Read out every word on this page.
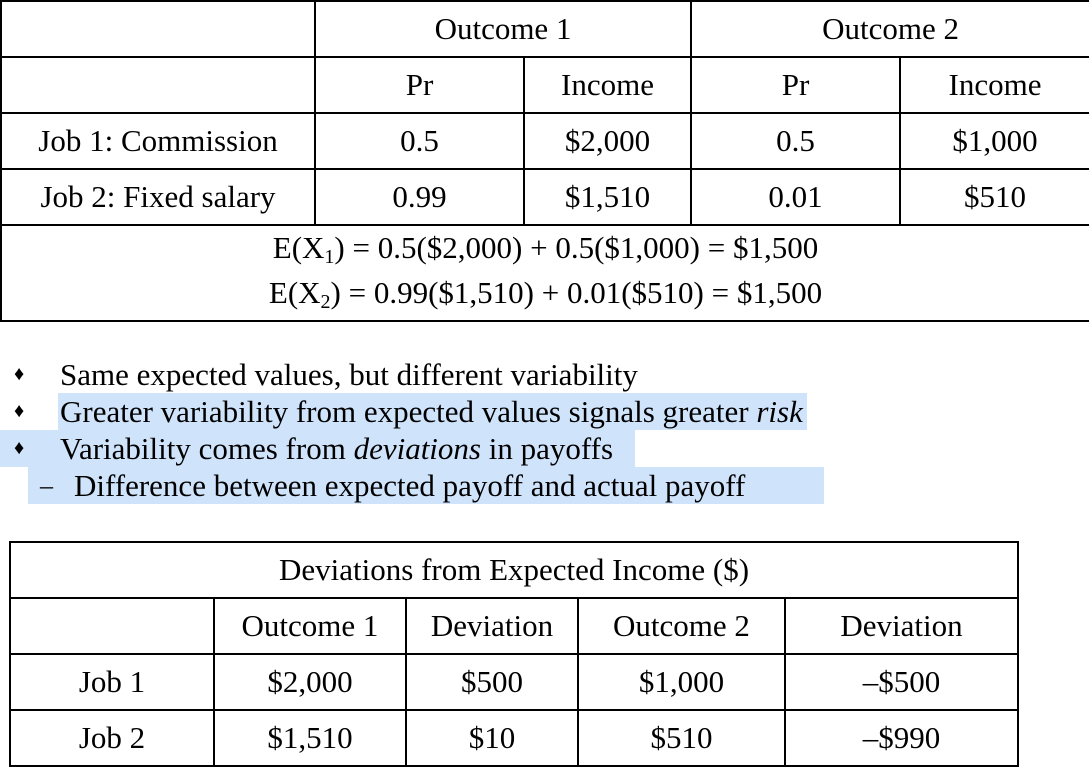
	Outcome 1		Outcome 2	
	Pr	Income	Pr	Income
Job 1: Commission	0.5	$2,000	0.5	$1,000
Job 2: Fixed salary	0.99	$1,510	0.01	$510

$E(X_1)$ = 0.5($2,000) + 0.5($1,000) = $1,500
$E(X_2)$ = 0.99($1,510) + 0.01($510) = $1,500				
♦ Same expected values, but different variability
♦ Greater variability from expected values signals greater risk
♦	Variability comes from deviations in payoffs
– Difference between expected payoff and actual payoff
Deviations from Expected Income ($)				
	Outcome 1	Deviation	Outcome 2	Deviation
Job 1	$2,000	$500	$1,000	–$500
Job 2	$1,510	$10	$510	–$990
